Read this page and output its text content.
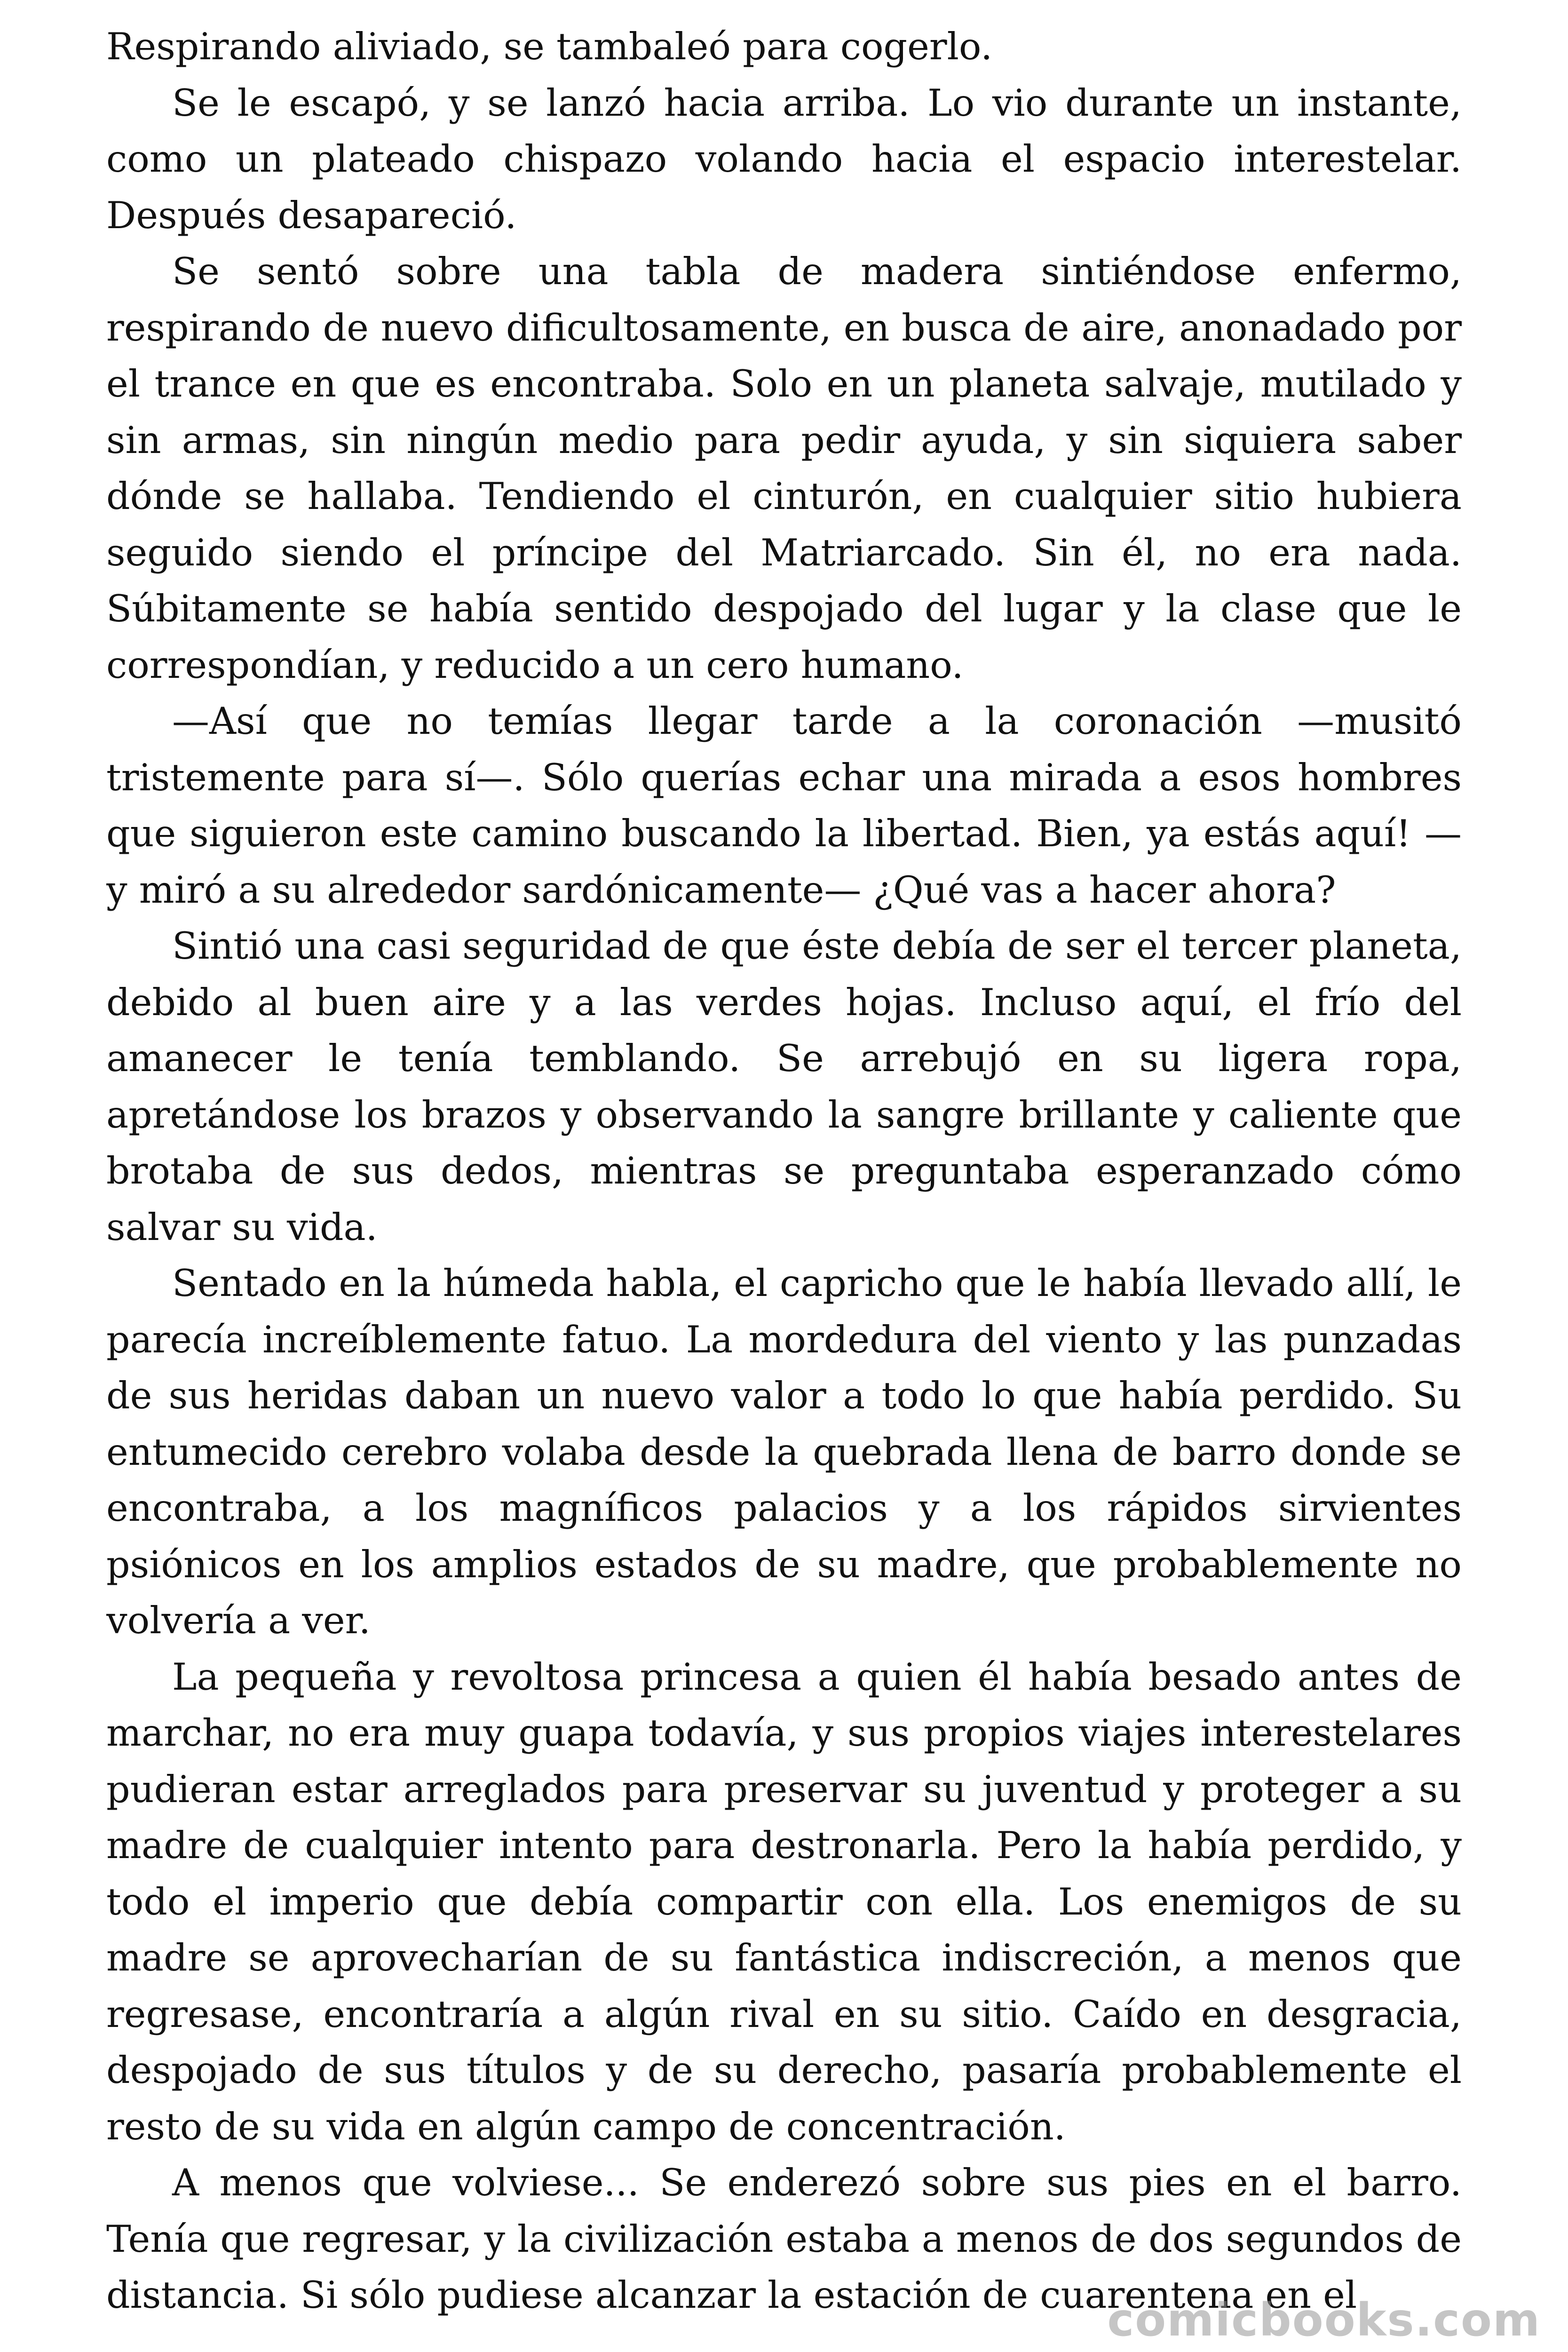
Respirando aliviado, se tambaleó para cogerlo.

Se le escapó, y se lanzó hacia arriba. Lo vio durante un instante, como un plateado chispazo volando hacia el espacio interestelar. Después desapareció.

Se sentó sobre una tabla de madera sintiéndose enfermo, respirando de nuevo dificultosamente, en busca de aire, anonadado por el trance en que es encontraba. Solo en un planeta salvaje, mutilado y sin armas, sin ningún medio para pedir ayuda, y sin siquiera saber dónde se hallaba. Tendiendo el cinturón, en cualquier sitio hubiera seguido siendo el príncipe del Matriarcado. Sin él, no era nada. Súbitamente se había sentido despojado del lugar y la clase que le correspondían, y reducido a un cero humano.

—Así que no temías llegar tarde a la coronación —musitó tristemente para sí—. Sólo querías echar una mirada a esos hombres que siguieron este camino buscando la libertad. Bien, ya estás aquí! —y miró a su alrededor sardónicamente— ¿Qué vas a hacer ahora?

Sintió una casi seguridad de que éste debía de ser el tercer planeta, debido al buen aire y a las verdes hojas. Incluso aquí, el frío del amanecer le tenía temblando. Se arrebujó en su ligera ropa, apretándose los brazos y observando la sangre brillante y caliente que brotaba de sus dedos, mientras se preguntaba esperanzado cómo salvar su vida.

Sentado en la húmeda habla, el capricho que le había llevado allí, le parecía increíblemente fatuo. La mordedura del viento y las punzadas de sus heridas daban un nuevo valor a todo lo que había perdido. Su entumecido cerebro volaba desde la quebrada llena de barro donde se encontraba, a los magníficos palacios y a los rápidos sirvientes psiónicos en los amplios estados de su madre, que probablemente no volvería a ver.

La pequeña y revoltosa princesa a quien él había besado antes de marchar, no era muy guapa todavía, y sus propios viajes interestelares pudieran estar arreglados para preservar su juventud y proteger a su madre de cualquier intento para destronarla. Pero la había perdido, y todo el imperio que debía compartir con ella. Los enemigos de su madre se aprovecharían de su fantástica indiscreción, a menos que regresase, encontraría a algún rival en su sitio. Caído en desgracia, despojado de sus títulos y de su derecho, pasaría probablemente el resto de su vida en algún campo de concentración.

A menos que volviese... Se enderezó sobre sus pies en el barro. Tenía que regresar, y la civilización estaba a menos de dos segundos de distancia. Si sólo pudiese alcanzar la estación de cuarentena en el

comicbooks.com
